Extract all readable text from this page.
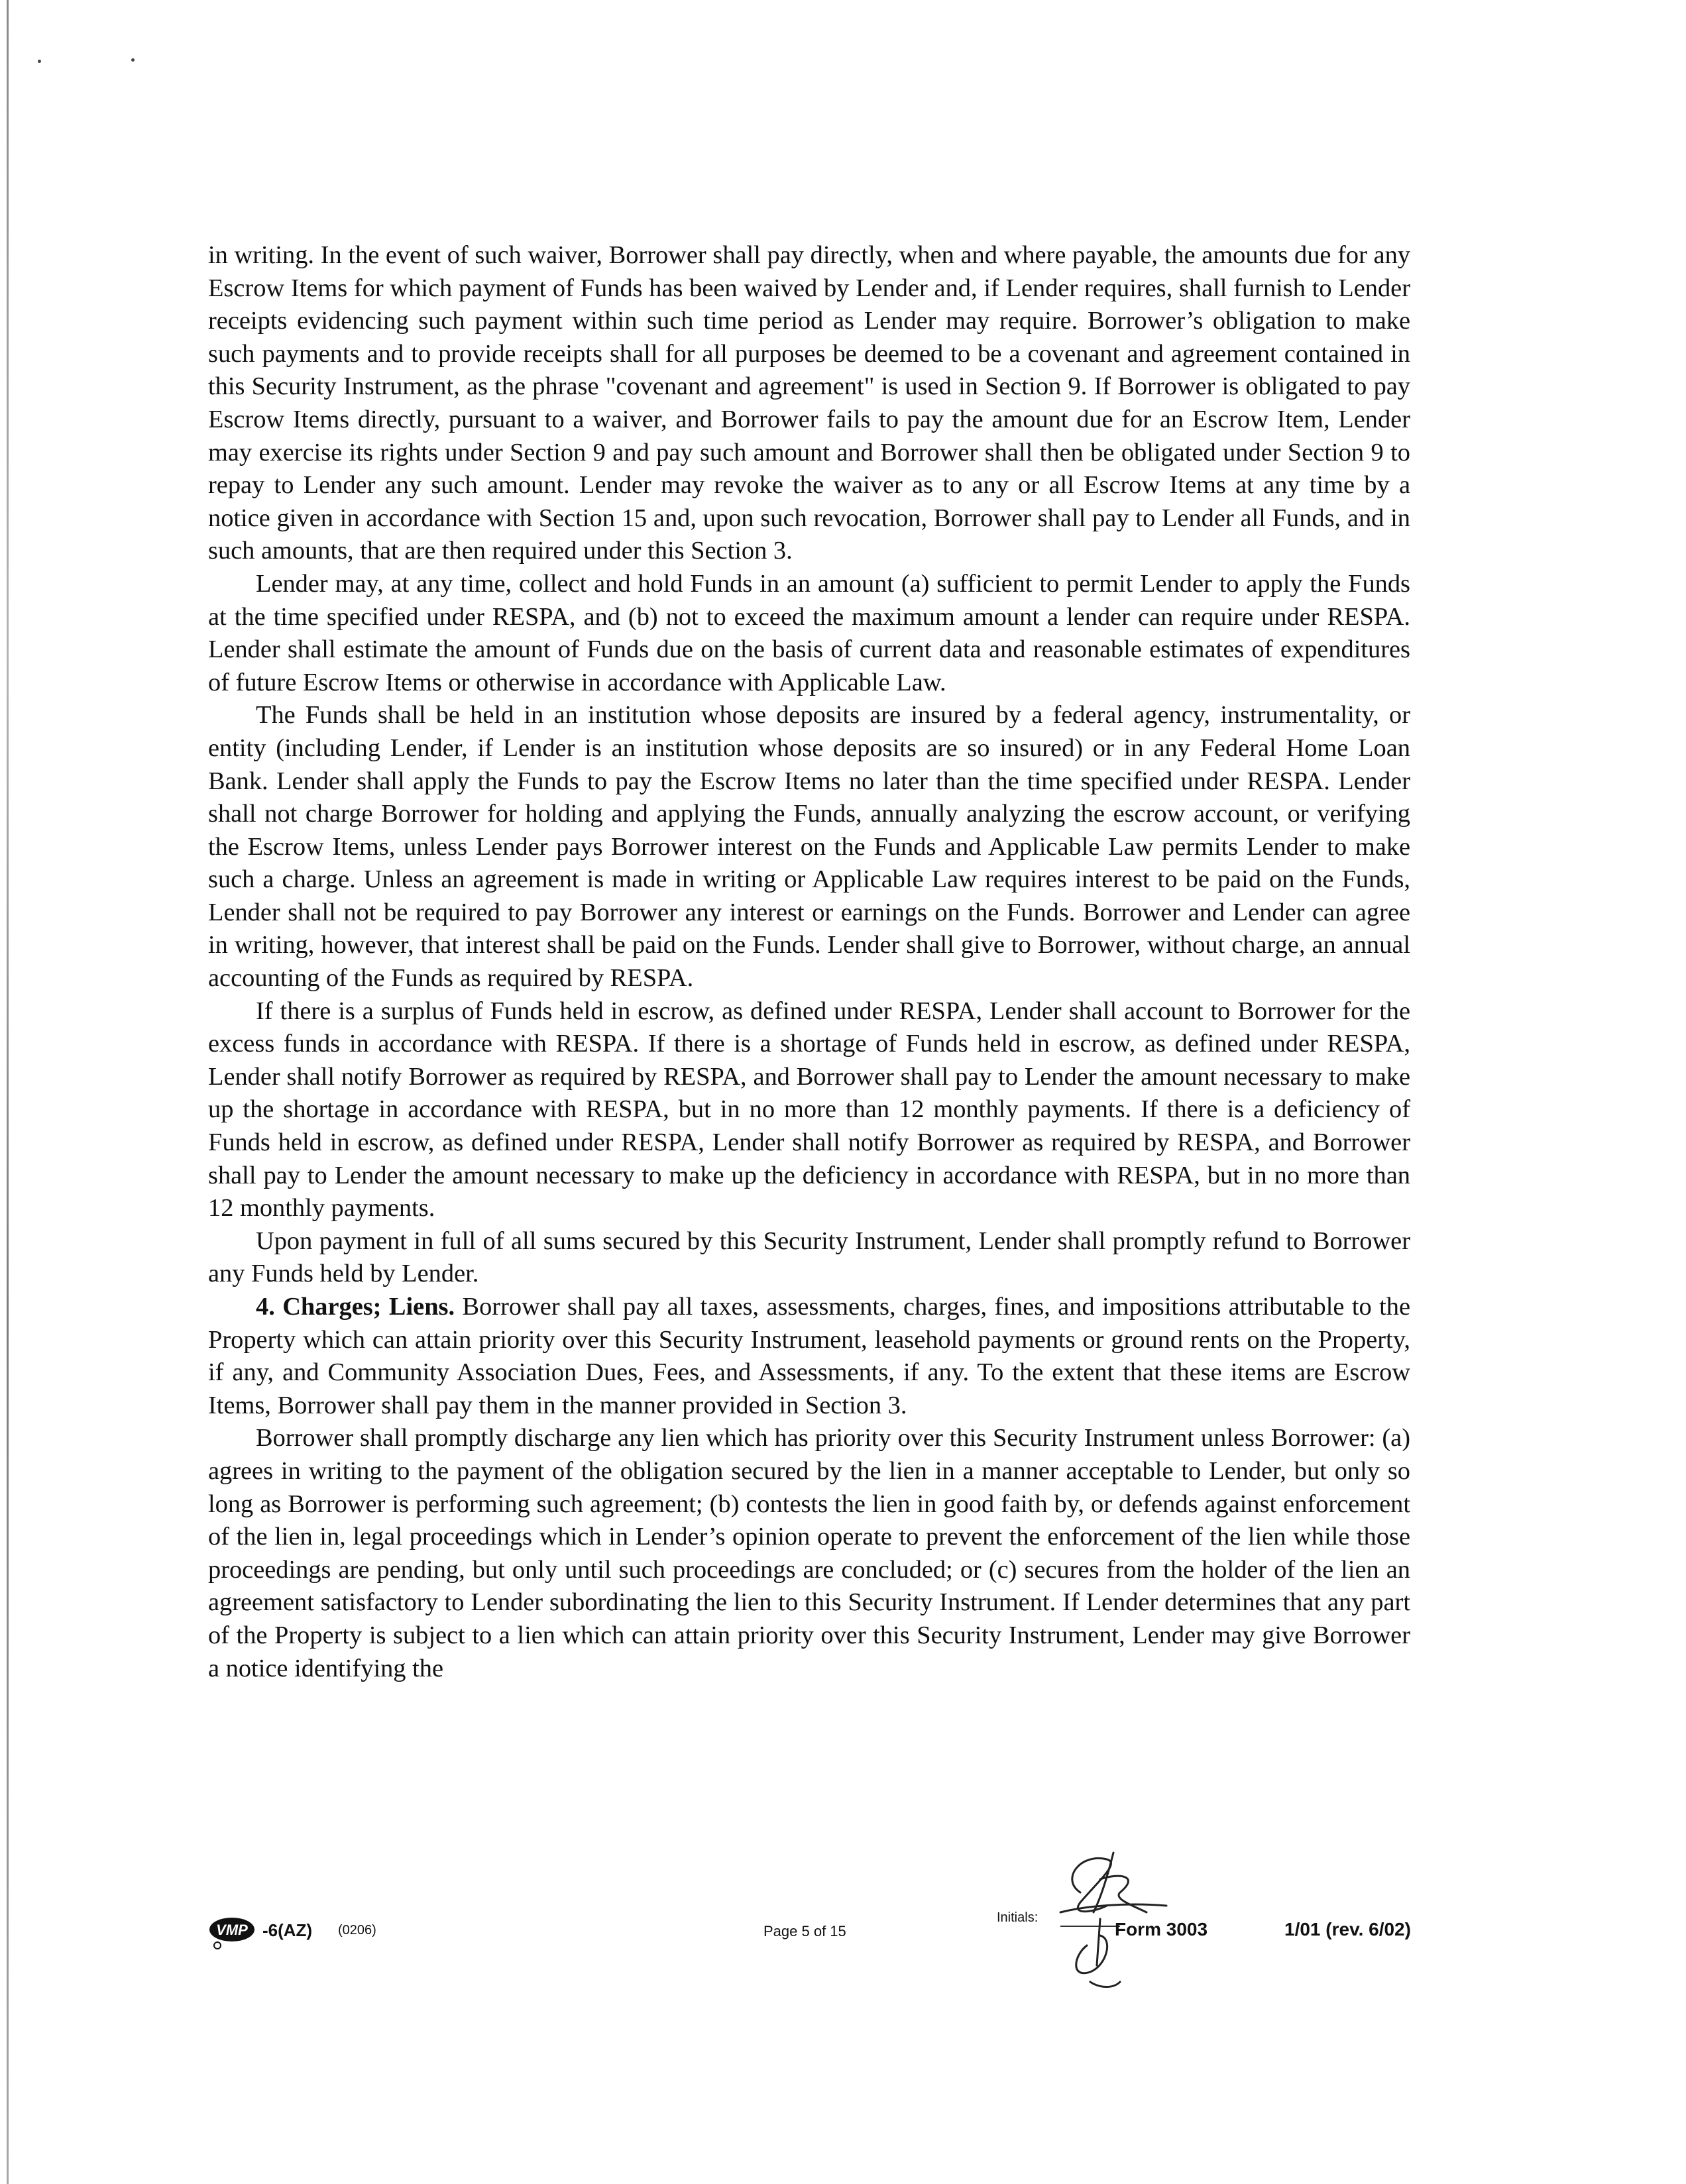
in writing. In the event of such waiver, Borrower shall pay directly, when and where payable, the amounts due for any Escrow Items for which payment of Funds has been waived by Lender and, if Lender requires, shall furnish to Lender receipts evidencing such payment within such time period as Lender may require. Borrower’s obligation to make such payments and to provide receipts shall for all purposes be deemed to be a covenant and agreement contained in this Security Instrument, as the phrase "covenant and agreement" is used in Section 9. If Borrower is obligated to pay Escrow Items directly, pursuant to a waiver, and Borrower fails to pay the amount due for an Escrow Item, Lender may exercise its rights under Section 9 and pay such amount and Borrower shall then be obligated under Section 9 to repay to Lender any such amount. Lender may revoke the waiver as to any or all Escrow Items at any time by a notice given in accordance with Section 15 and, upon such revocation, Borrower shall pay to Lender all Funds, and in such amounts, that are then required under this Section 3.

Lender may, at any time, collect and hold Funds in an amount (a) sufficient to permit Lender to apply the Funds at the time specified under RESPA, and (b) not to exceed the maximum amount a lender can require under RESPA. Lender shall estimate the amount of Funds due on the basis of current data and reasonable estimates of expenditures of future Escrow Items or otherwise in accordance with Applicable Law.

The Funds shall be held in an institution whose deposits are insured by a federal agency, instrumentality, or entity (including Lender, if Lender is an institution whose deposits are so insured) or in any Federal Home Loan Bank. Lender shall apply the Funds to pay the Escrow Items no later than the time specified under RESPA. Lender shall not charge Borrower for holding and applying the Funds, annually analyzing the escrow account, or verifying the Escrow Items, unless Lender pays Borrower interest on the Funds and Applicable Law permits Lender to make such a charge. Unless an agreement is made in writing or Applicable Law requires interest to be paid on the Funds, Lender shall not be required to pay Borrower any interest or earnings on the Funds. Borrower and Lender can agree in writing, however, that interest shall be paid on the Funds. Lender shall give to Borrower, without charge, an annual accounting of the Funds as required by RESPA.

If there is a surplus of Funds held in escrow, as defined under RESPA, Lender shall account to Borrower for the excess funds in accordance with RESPA. If there is a shortage of Funds held in escrow, as defined under RESPA, Lender shall notify Borrower as required by RESPA, and Borrower shall pay to Lender the amount necessary to make up the shortage in accordance with RESPA, but in no more than 12 monthly payments. If there is a deficiency of Funds held in escrow, as defined under RESPA, Lender shall notify Borrower as required by RESPA, and Borrower shall pay to Lender the amount necessary to make up the deficiency in accordance with RESPA, but in no more than 12 monthly payments.

Upon payment in full of all sums secured by this Security Instrument, Lender shall promptly refund to Borrower any Funds held by Lender.

4. Charges; Liens. Borrower shall pay all taxes, assessments, charges, fines, and impositions attributable to the Property which can attain priority over this Security Instrument, leasehold payments or ground rents on the Property, if any, and Community Association Dues, Fees, and Assessments, if any. To the extent that these items are Escrow Items, Borrower shall pay them in the manner provided in Section 3.

Borrower shall promptly discharge any lien which has priority over this Security Instrument unless Borrower: (a) agrees in writing to the payment of the obligation secured by the lien in a manner acceptable to Lender, but only so long as Borrower is performing such agreement; (b) contests the lien in good faith by, or defends against enforcement of the lien in, legal proceedings which in Lender’s opinion operate to prevent the enforcement of the lien while those proceedings are pending, but only until such proceedings are concluded; or (c) secures from the holder of the lien an agreement satisfactory to Lender subordinating the lien to this Security Instrument. If Lender determines that any part of the Property is subject to a lien which can attain priority over this Security Instrument, Lender may give Borrower a notice identifying the

VMP -6(AZ) (0206)	Page 5 of 15
Initials:
Form 3003	1/01 (rev. 6/02)
